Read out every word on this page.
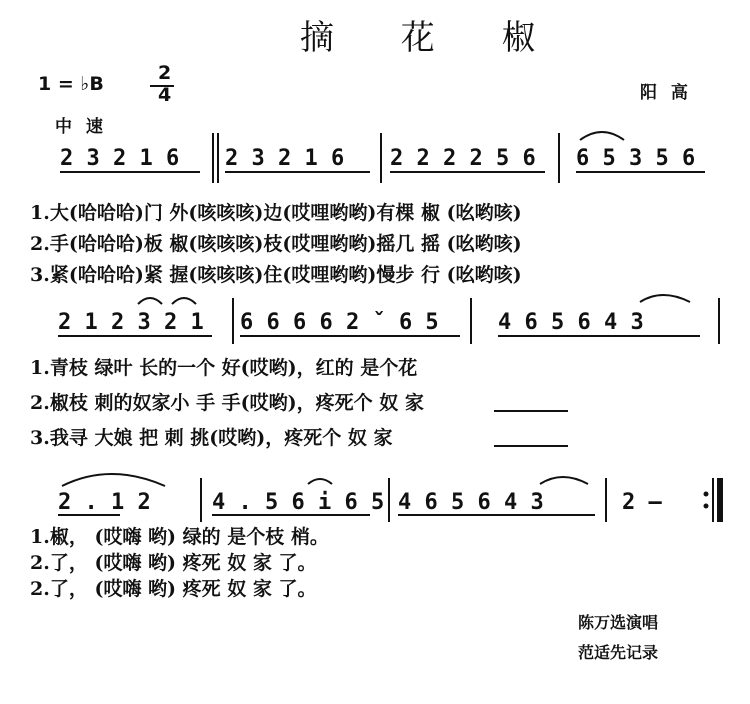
摘 花 椒
1 = ♭B	2
4	阳 高
中 速
2 3 2 1 6 2 3 2 1 6 2 2 2 2 5 6 6 5 3 5 6
1.大(哈哈哈)门 外(咳咳咳)边(哎哩哟哟)有棵 椒 (吆哟咳)
2.手(哈哈哈)板 椒(咳咳咳)枝(哎哩哟哟)摇几 摇 (吆哟咳)
3.紧(哈哈哈)紧 握(咳咳咳)住(哎哩哟哟)慢步 行 (吆哟咳)
2 1 2 3 2 1 6 6 6 6 2 ˇ 6 5	4 6 5 6 4 3
1.青枝 绿叶 长的一个 好(哎哟)，红的 是个花
2.椒枝 刺的奴家小 手 手(哎哟)，疼死个 奴 家
3.我寻 大娘 把 刺 挑(哎哟)，疼死个 奴 家
2 . 1 2	4 . 5 6 i 6 5 4 6 5 6 4 3	2 —
1.椒， (哎嗨 哟) 绿的 是个枝 梢。
2.了， (哎嗨 哟) 疼死 奴 家 了。
2.了， (哎嗨 哟) 疼死 奴 家 了。
陈万选演唱
范适先记录
